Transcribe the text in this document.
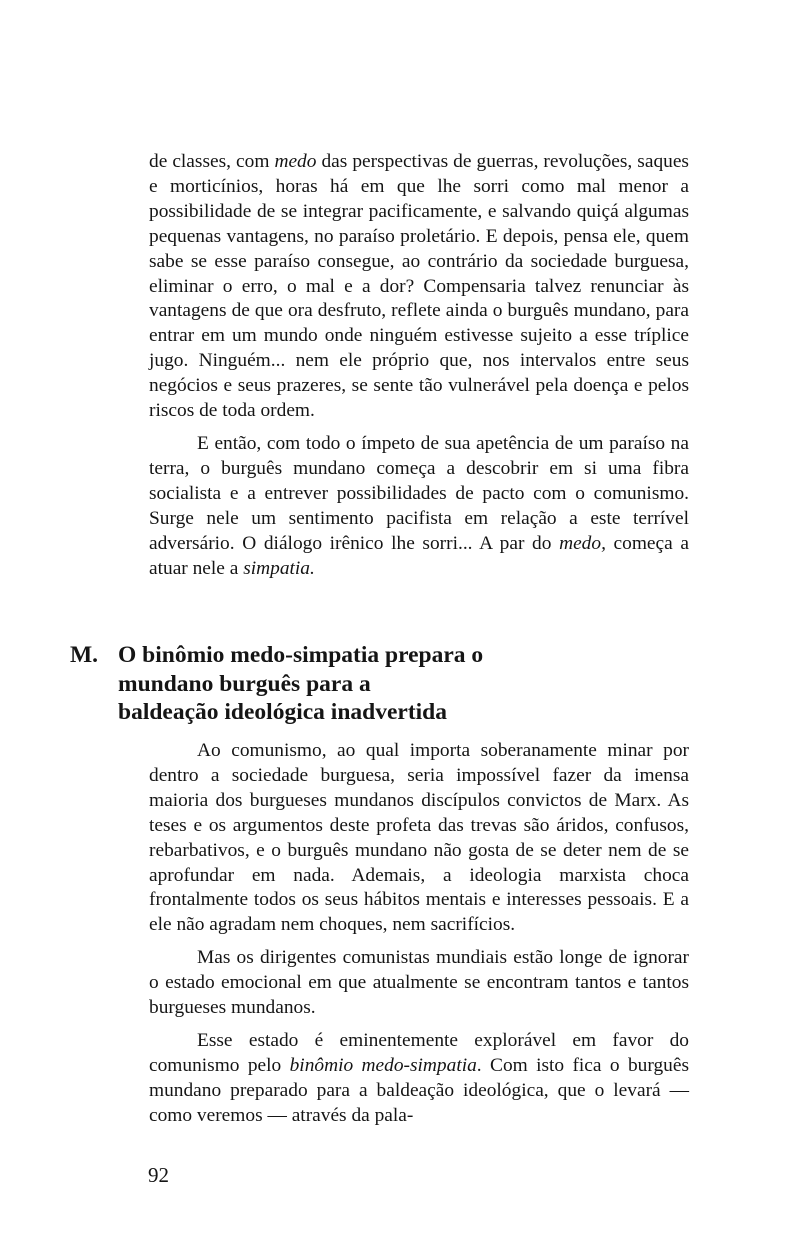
de classes, com medo das perspectivas de guerras, revoluções, saques e morticínios, horas há em que lhe sorri como mal menor a possibilidade de se integrar pacificamente, e salvando quiçá algumas pequenas vantagens, no paraíso proletário. E depois, pensa ele, quem sabe se esse paraíso consegue, ao contrário da sociedade burguesa, eliminar o erro, o mal e a dor? Compensaria talvez renunciar às vantagens de que ora desfruto, reflete ainda o burguês mundano, para entrar em um mundo onde ninguém estivesse sujeito a esse tríplice jugo. Ninguém... nem ele próprio que, nos intervalos entre seus negócios e seus prazeres, se sente tão vulnerável pela doença e pelos riscos de toda ordem.

E então, com todo o ímpeto de sua apetência de um paraíso na terra, o burguês mundano começa a descobrir em si uma fibra socialista e a entrever possibilidades de pacto com o comunismo. Surge nele um sentimento pacifista em relação a este terrível adversário. O diálogo irênico lhe sorri... A par do medo, começa a atuar nele a simpatia.

M. O binômio medo-simpatia prepara o
mundano burguês para a
baldeação ideológica inadvertida

Ao comunismo, ao qual importa soberanamente minar por dentro a sociedade burguesa, seria impossível fazer da imensa maioria dos burgueses mundanos discípulos convictos de Marx. As teses e os argumentos deste profeta das trevas são áridos, confusos, rebarbativos, e o burguês mundano não gosta de se deter nem de se aprofundar em nada. Ademais, a ideologia marxista choca frontalmente todos os seus hábitos mentais e interesses pessoais. E a ele não agradam nem choques, nem sacrifícios.

Mas os dirigentes comunistas mundiais estão longe de ignorar o estado emocional em que atualmente se encontram tantos e tantos burgueses mundanos.

Esse estado é eminentemente explorável em favor do comunismo pelo binômio medo-simpatia. Com isto fica o burguês mundano preparado para a baldeação ideológica, que o levará — como veremos — através da pala-

92
